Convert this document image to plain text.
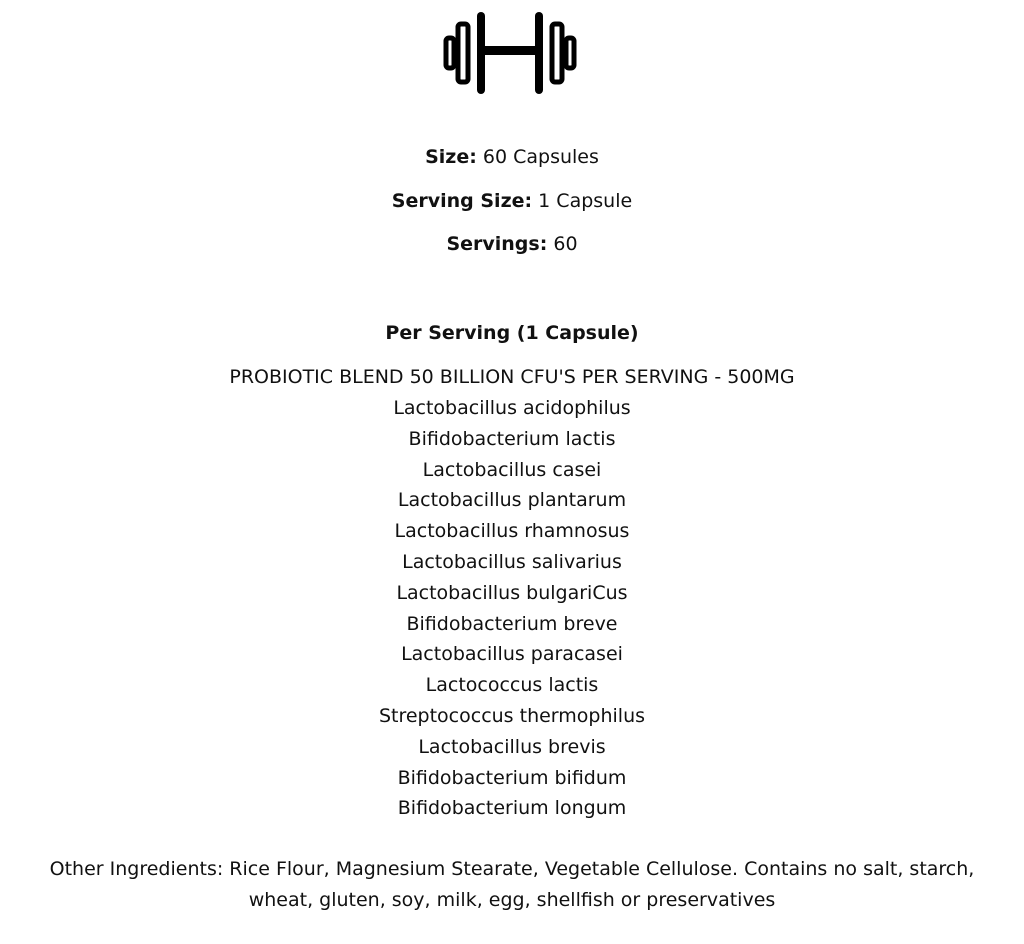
Size: 60 Capsules
Serving Size: 1 Capsule
Servings: 60
Per Serving (1 Capsule)
PROBIOTIC BLEND 50 BILLION CFU'S PER SERVING - 500MG
Lactobacillus acidophilus
Bifidobacterium lactis
Lactobacillus casei
Lactobacillus plantarum
Lactobacillus rhamnosus
Lactobacillus salivarius
Lactobacillus bulgariCus
Bifidobacterium breve
Lactobacillus paracasei
Lactococcus lactis
Streptococcus thermophilus
Lactobacillus brevis
Bifidobacterium bifidum
Bifidobacterium longum
Other Ingredients: Rice Flour, Magnesium Stearate, Vegetable Cellulose. Contains no salt, starch, wheat, gluten, soy, milk, egg, shellfish or preservatives
